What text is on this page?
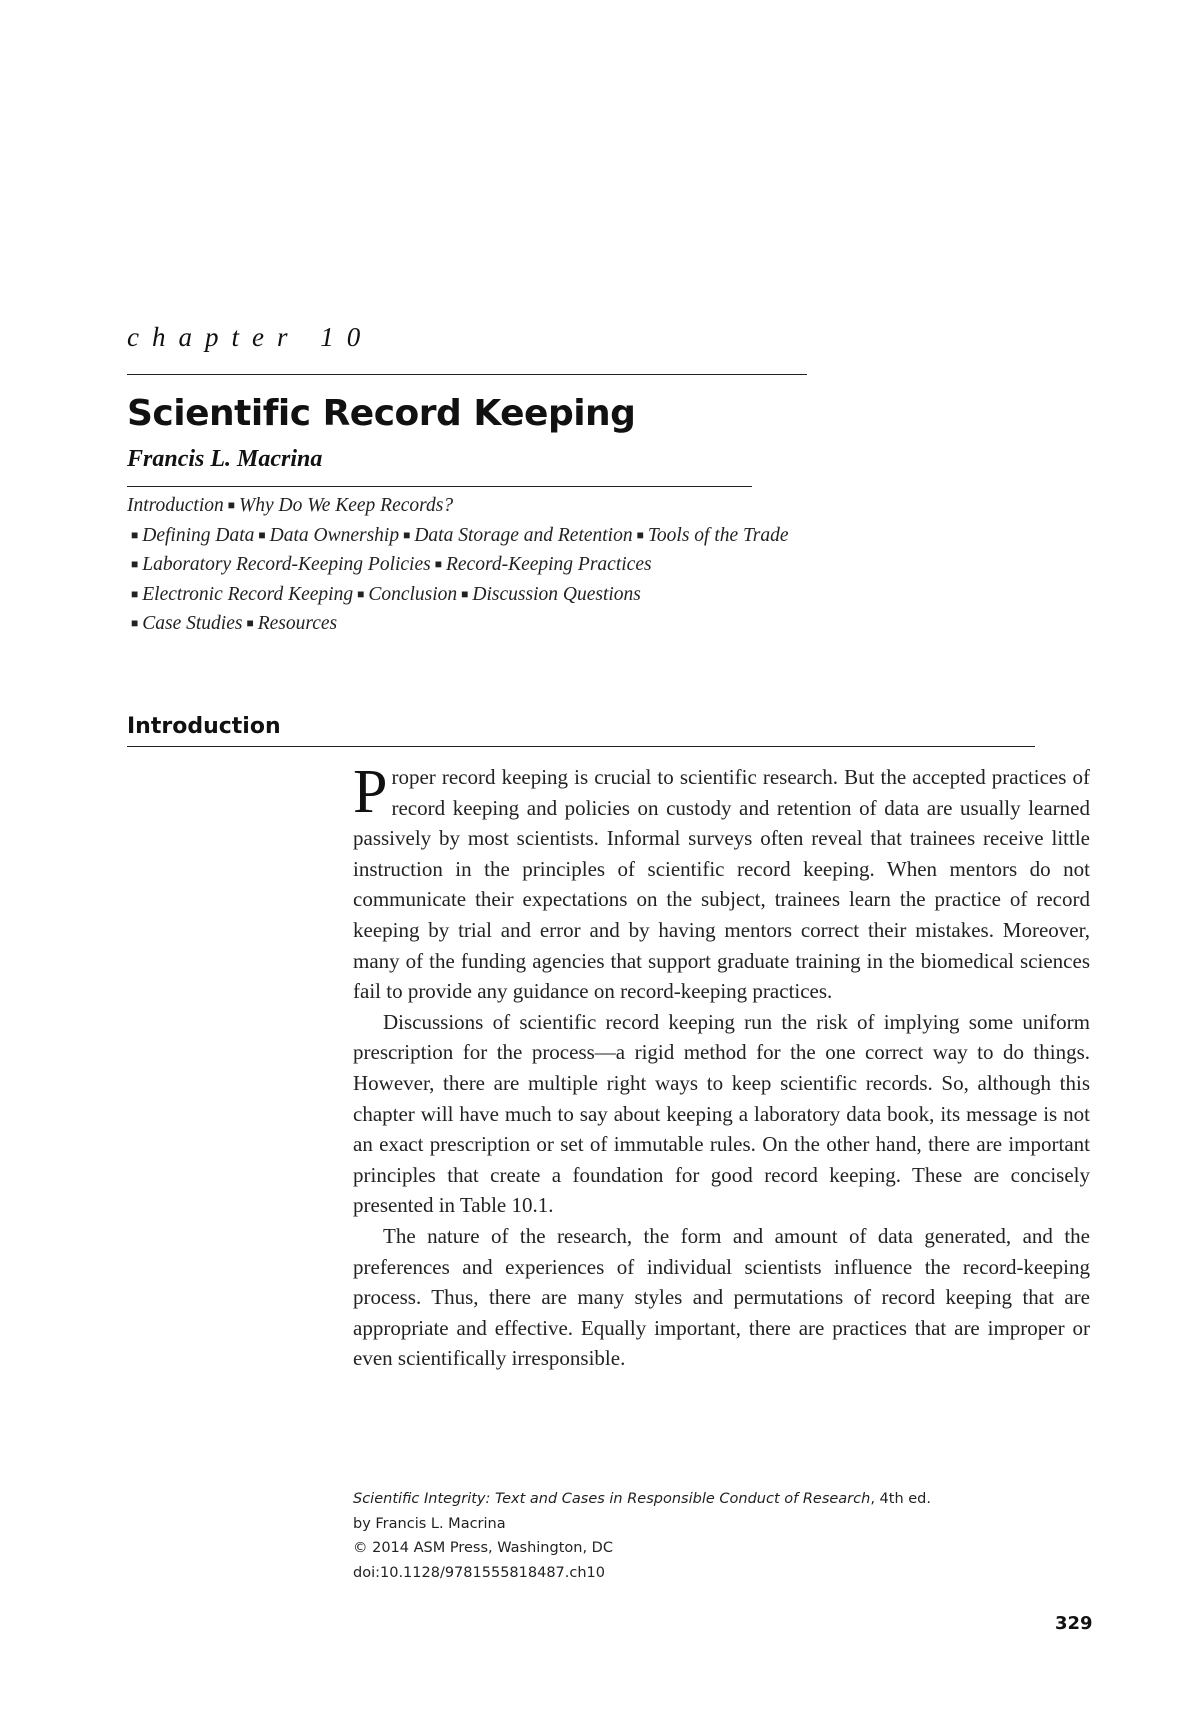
chapter 10
Scientific Record Keeping
Francis L. Macrina
Introduction ■ Why Do We Keep Records?■ Defining Data ■ Data Ownership ■ Data Storage and Retention ■ Tools of the Trade
■ Laboratory Record-Keeping Policies ■ Record-Keeping Practices
■ Electronic Record Keeping ■ Conclusion ■ Discussion Questions
■ Case Studies ■ Resources
Introduction

Proper record keeping is crucial to scientific research. But the accepted practices of record keeping and policies on custody and retention of data are usually learned passively by most scientists. Informal surveys often reveal that trainees receive little instruction in the principles of scientific record keeping. When mentors do not communicate their expectations on the subject, trainees learn the practice of record keeping by trial and error and by having mentors correct their mistakes. Moreover, many of the funding agencies that support graduate training in the biomedical sciences fail to provide any guidance on record-keeping practices.

Discussions of scientific record keeping run the risk of implying some uniform prescription for the process—a rigid method for the one correct way to do things. However, there are multiple right ways to keep scientific records. So, although this chapter will have much to say about keeping a laboratory data book, its message is not an exact prescription or set of immutable rules. On the other hand, there are important principles that create a foundation for good record keeping. These are concisely presented in Table 10.1.

The nature of the research, the form and amount of data generated, and the preferences and experiences of individual scientists influence the record-keeping process. Thus, there are many styles and permutations of record keeping that are appropriate and effective. Equally important, there are practices that are improper or even scientifically irresponsible.

Scientific Integrity: Text and Cases in Responsible Conduct of Research, 4th ed.
by Francis L. Macrina
© 2014 ASM Press, Washington, DC
doi:10.1128/9781555818487.ch10
329
